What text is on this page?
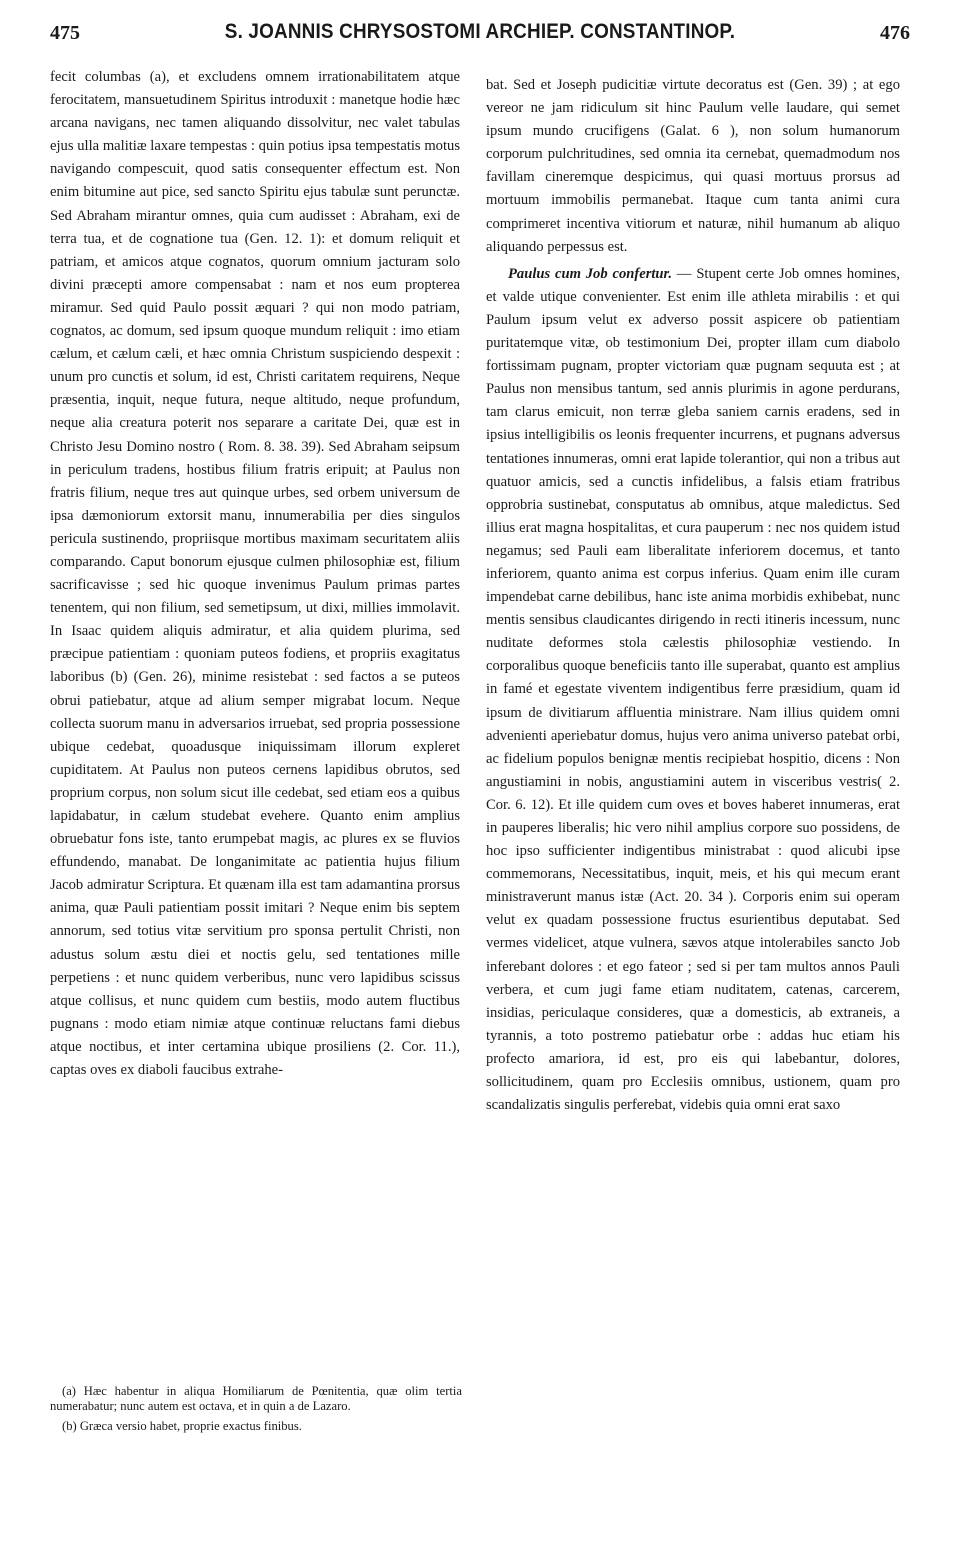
475	S. JOANNIS CHRYSOSTOMI ARCHIEP. CONSTANTINOP.	476

fecit columbas (a), et excludens omnem irrationabilitatem atque ferocitatem, mansuetudinem Spiritus introduxit : manetque hodie hæc arcana navigans, nec tamen aliquando dissolvitur, nec valet tabulas ejus ulla malitiæ laxare tempestas : quin potius ipsa tempestatis motus navigando compescuit, quod satis consequenter effectum est. Non enim bitumine aut pice, sed sancto Spiritu ejus tabulæ sunt perunctæ. Sed Abraham mirantur omnes, quia cum audisset : Abraham, exi de terra tua, et de cognatione tua (Gen. 12. 1): et domum reliquit et patriam, et amicos atque cognatos, quorum omnium jacturam solo divini præcepti amore compensabat : nam et nos eum propterea miramur. Sed quid Paulo possit æquari ? qui non modo patriam, cognatos, ac domum, sed ipsum quoque mundum reliquit : imo etiam cælum, et cælum cæli, et hæc omnia Christum suspiciendo despexit : unum pro cunctis et solum, id est, Christi caritatem requirens, Neque præsentia, inquit, neque futura, neque altitudo, neque profundum, neque alia creatura poterit nos separare a caritate Dei, quæ est in Christo Jesu Domino nostro ( Rom. 8. 38. 39). Sed Abraham seipsum in periculum tradens, hostibus filium fratris eripuit; at Paulus non fratris filium, neque tres aut quinque urbes, sed orbem universum de ipsa dæmoniorum extorsit manu, innumerabilia per dies singulos pericula sustinendo, propriisque mortibus maximam securitatem aliis comparando. Caput bonorum ejusque culmen philosophiæ est, filium sacrificavisse ; sed hic quoque invenimus Paulum primas partes tenentem, qui non filium, sed semetipsum, ut dixi, millies immolavit. In Isaac quidem aliquis admiratur, et alia quidem plurima, sed præcipue patientiam : quoniam puteos fodiens, et propriis exagitatus laboribus (b) (Gen. 26), minime resistebat : sed factos a se puteos obrui patiebatur, atque ad alium semper migrabat locum. Neque collecta suorum manu in adversarios irruebat, sed propria possessione ubique cedebat, quoadusque iniquissimam illorum expleret cupiditatem. At Paulus non puteos cernens lapidibus obrutos, sed proprium corpus, non solum sicut ille cedebat, sed etiam eos a quibus lapidabatur, in cælum studebat evehere. Quanto enim amplius obruebatur fons iste, tanto erumpebat magis, ac plures ex se fluvios effundendo, manabat. De longanimitate ac patientia hujus filium Jacob admiratur Scriptura. Et quænam illa est tam adamantina prorsus anima, quæ Pauli patientiam possit imitari ? Neque enim bis septem annorum, sed totius vitæ servitium pro sponsa pertulit Christi, non adustus solum æstu diei et noctis gelu, sed tentationes mille perpetiens : et nunc quidem verberibus, nunc vero lapidibus scissus atque collisus, et nunc quidem cum bestiis, modo autem fluctibus pugnans : modo etiam nimiæ atque continuæ reluctans fami diebus atque noctibus, et inter certamina ubique prosiliens (2. Cor. 11.), captas oves ex diaboli faucibus extrahe-

(a) Hæc habentur in aliqua Homiliarum de Pœnitentia, quæ olim tertia numerabatur; nunc autem est octava, et in quin a de Lazaro.

(b) Græca versio habet, proprie exactus finibus.

bat. Sed et Joseph pudicitiæ virtute decoratus est (Gen. 39) ; at ego vereor ne jam ridiculum sit hinc Paulum velle laudare, qui semet ipsum mundo crucifigens (Galat. 6 ), non solum humanorum corporum pulchritudines, sed omnia ita cernebat, quemadmodum nos favillam cineremque despicimus, qui quasi mortuus prorsus ad mortuum immobilis permanebat. Itaque cum tanta animi cura comprimeret incentiva vitiorum et naturæ, nihil humanum ab aliquo aliquando perpessus est.

Paulus cum Job confertur. — Stupent certe Job omnes homines, et valde utique convenienter. Est enim ille athleta mirabilis : et qui Paulum ipsum velut ex adverso possit aspicere ob patientiam puritatemque vitæ, ob testimonium Dei, propter illam cum diabolo fortissimam pugnam, propter victoriam quæ pugnam sequuta est ; at Paulus non mensibus tantum, sed annis plurimis in agone perdurans, tam clarus emicuit, non terræ gleba saniem carnis eradens, sed in ipsius intelligibilis os leonis frequenter incurrens, et pugnans adversus tentationes innumeras, omni erat lapide tolerantior, qui non a tribus aut quatuor amicis, sed a cunctis infidelibus, a falsis etiam fratribus opprobria sustinebat, consputatus ab omnibus, atque maledictus. Sed illius erat magna hospitalitas, et cura pauperum : nec nos quidem istud negamus; sed Pauli eam liberalitate inferiorem docemus, et tanto inferiorem, quanto anima est corpus inferius. Quam enim ille curam impendebat carne debilibus, hanc iste anima morbidis exhibebat, nunc mentis sensibus claudicantes dirigendo in recti itineris incessum, nunc nuditate deformes stola cælestis philosophiæ vestiendo. In corporalibus quoque beneficiis tanto ille superabat, quanto est amplius in famé et egestate viventem indigentibus ferre præsidium, quam id ipsum de divitiarum affluentia ministrare. Nam illius quidem omni advenienti aperiebatur domus, hujus vero anima universo patebat orbi, ac fidelium populos benignæ mentis recipiebat hospitio, dicens : Non angustiamini in nobis, angustiamini autem in visceribus vestris( 2. Cor. 6. 12). Et ille quidem cum oves et boves haberet innumeras, erat in pauperes liberalis; hic vero nihil amplius corpore suo possidens, de hoc ipso sufficienter indigentibus ministrabat : quod alicubi ipse commemorans, Necessitatibus, inquit, meis, et his qui mecum erant ministraverunt manus istæ (Act. 20. 34 ). Corporis enim sui operam velut ex quadam possessione fructus esurientibus deputabat. Sed vermes videlicet, atque vulnera, sævos atque intolerabiles sancto Job inferebant dolores : et ego fateor ; sed si per tam multos annos Pauli verbera, et cum jugi fame etiam nuditatem, catenas, carcerem, insidias, periculaque consideres, quæ a domesticis, ab extraneis, a tyrannis, a toto postremo patiebatur orbe : addas huc etiam his profecto amariora, id est, pro eis qui labebantur, dolores, sollicitudinem, quam pro Ecclesiis omnibus, ustionem, quam pro scandalizatis singulis perferebat, videbis quia omni erat saxo
